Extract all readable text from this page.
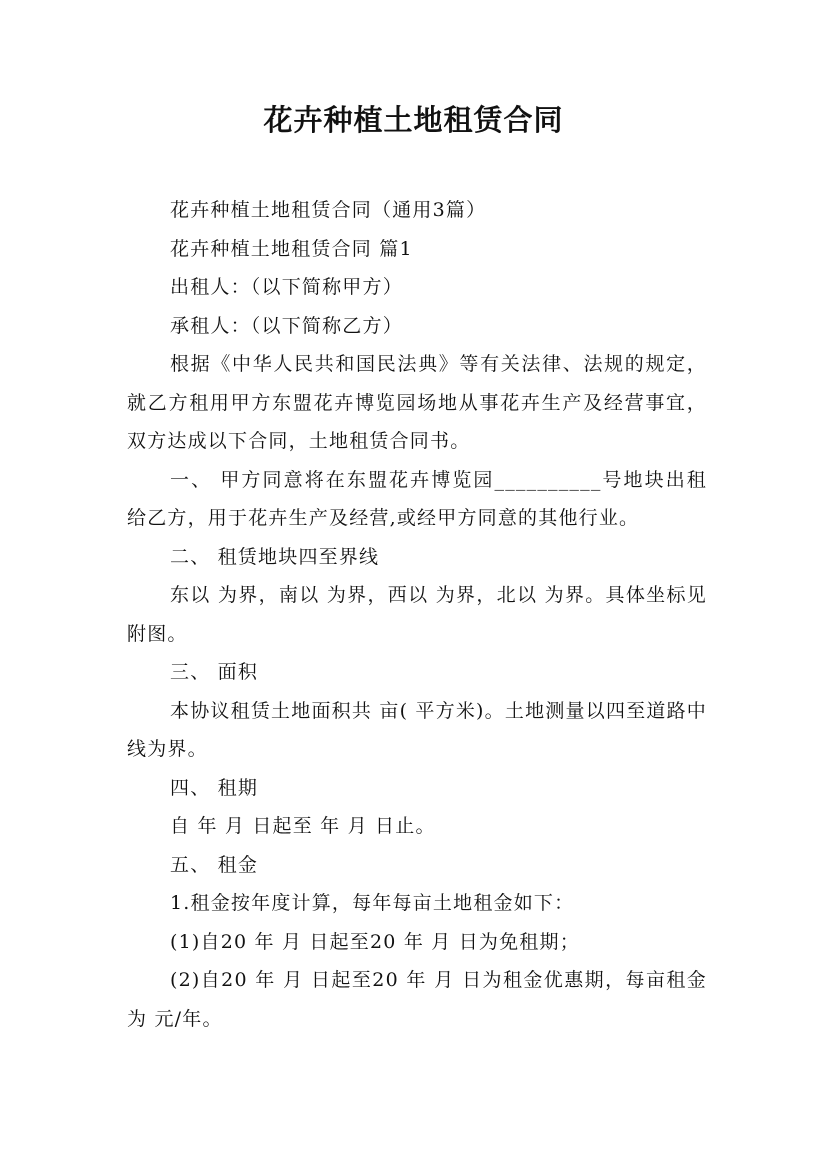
花卉种植土地租赁合同

花卉种植土地租赁合同（通用3篇）

花卉种植土地租赁合同 篇1

出租人：（以下简称甲方）

承租人：（以下简称乙方）

根据《中华人民共和国民法典》等有关法律、法规的规定，就乙方租用甲方东盟花卉博览园场地从事花卉生产及经营事宜，双方达成以下合同，土地租赁合同书。

一、 甲方同意将在东盟花卉博览园__________号地块出租给乙方，用于花卉生产及经营,或经甲方同意的其他行业。

二、 租赁地块四至界线

东以 为界，南以 为界，西以 为界，北以 为界。具体坐标见附图。

三、 面积

本协议租赁土地面积共 亩( 平方米)。土地测量以四至道路中线为界。

四、 租期

自 年 月 日起至 年 月 日止。

五、 租金

1.租金按年度计算，每年每亩土地租金如下：

(1)自20 年 月 日起至20 年 月 日为免租期；

(2)自20 年 月 日起至20 年 月 日为租金优惠期，每亩租金为 元/年。
